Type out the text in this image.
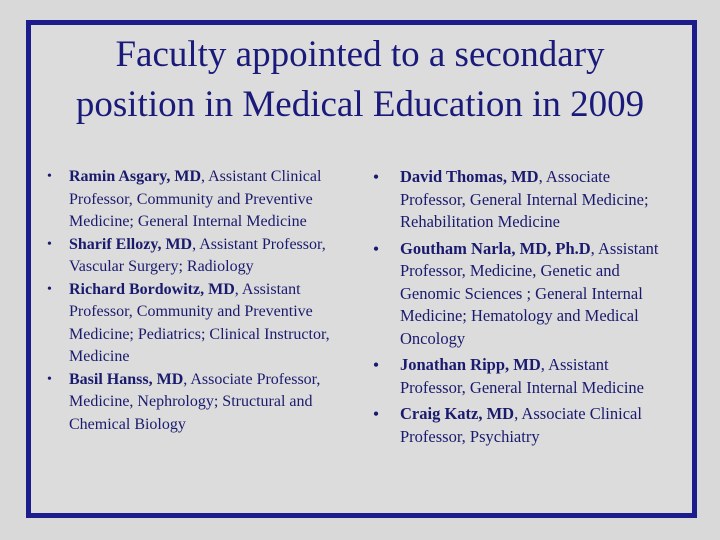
Faculty appointed to a secondary
position in Medical Education in 2009
•	Ramin Asgary, MD, Assistant Clinical Professor, Community and Preventive Medicine; General Internal Medicine
•	Sharif Ellozy, MD, Assistant Professor, Vascular Surgery; Radiology
•	Richard Bordowitz, MD, Assistant Professor, Community and Preventive Medicine; Pediatrics; Clinical Instructor, Medicine
•	Basil Hanss, MD, Associate Professor, Medicine, Nephrology; Structural and Chemical Biology
•	David Thomas, MD, Associate Professor, General Internal Medicine; Rehabilitation Medicine
•	Goutham Narla, MD, Ph.D, Assistant Professor, Medicine, Genetic and Genomic Sciences ; General Internal Medicine; Hematology and Medical Oncology
•	Jonathan Ripp, MD, Assistant Professor, General Internal Medicine
•	Craig Katz, MD, Associate Clinical Professor, Psychiatry
